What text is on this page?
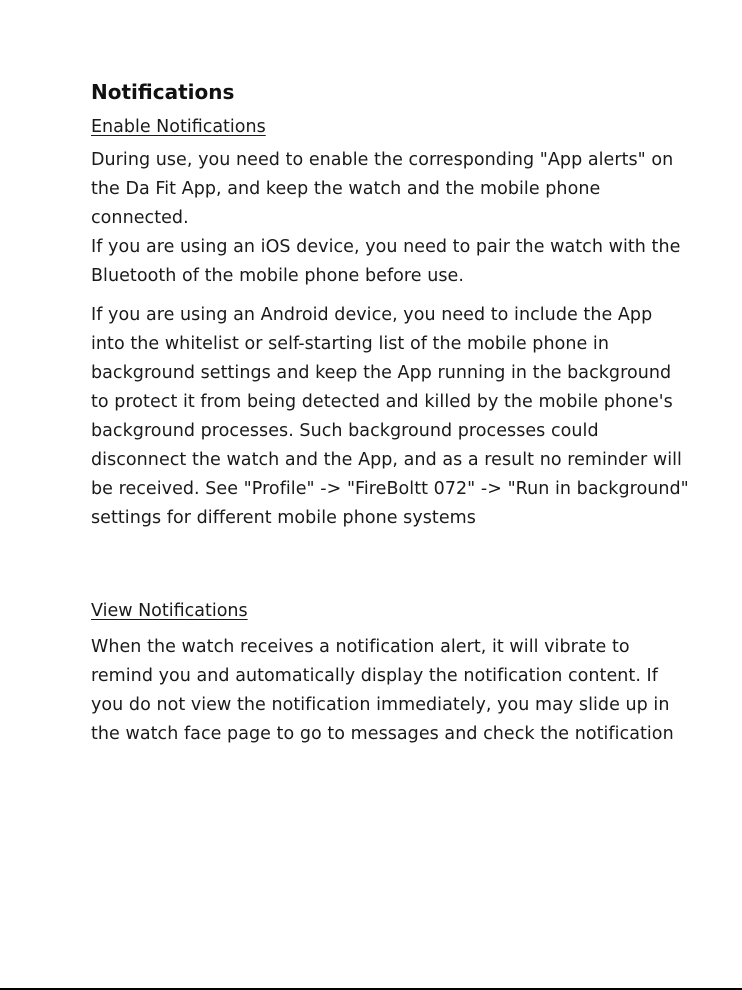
Notifications
Enable Notifications

During use, you need to enable the corresponding "App alerts" on the Da Fit App, and keep the watch and the mobile phone connected.

If you are using an iOS device, you need to pair the watch with the Bluetooth of the mobile phone before use.

If you are using an Android device, you need to include the App into the whitelist or self-starting list of the mobile phone in background settings and keep the App running in the background to protect it from being detected and killed by the mobile phone's background processes. Such background processes could disconnect the watch and the App, and as a result no reminder will be received. See "Profile" -> "FireBoltt 072" -> "Run in background" settings for different mobile phone systems

View Notifications

When the watch receives a notification alert, it will vibrate to remind you and automatically display the notification content. If you do not view the notification immediately, you may slide up in the watch face page to go to messages and check the notification
